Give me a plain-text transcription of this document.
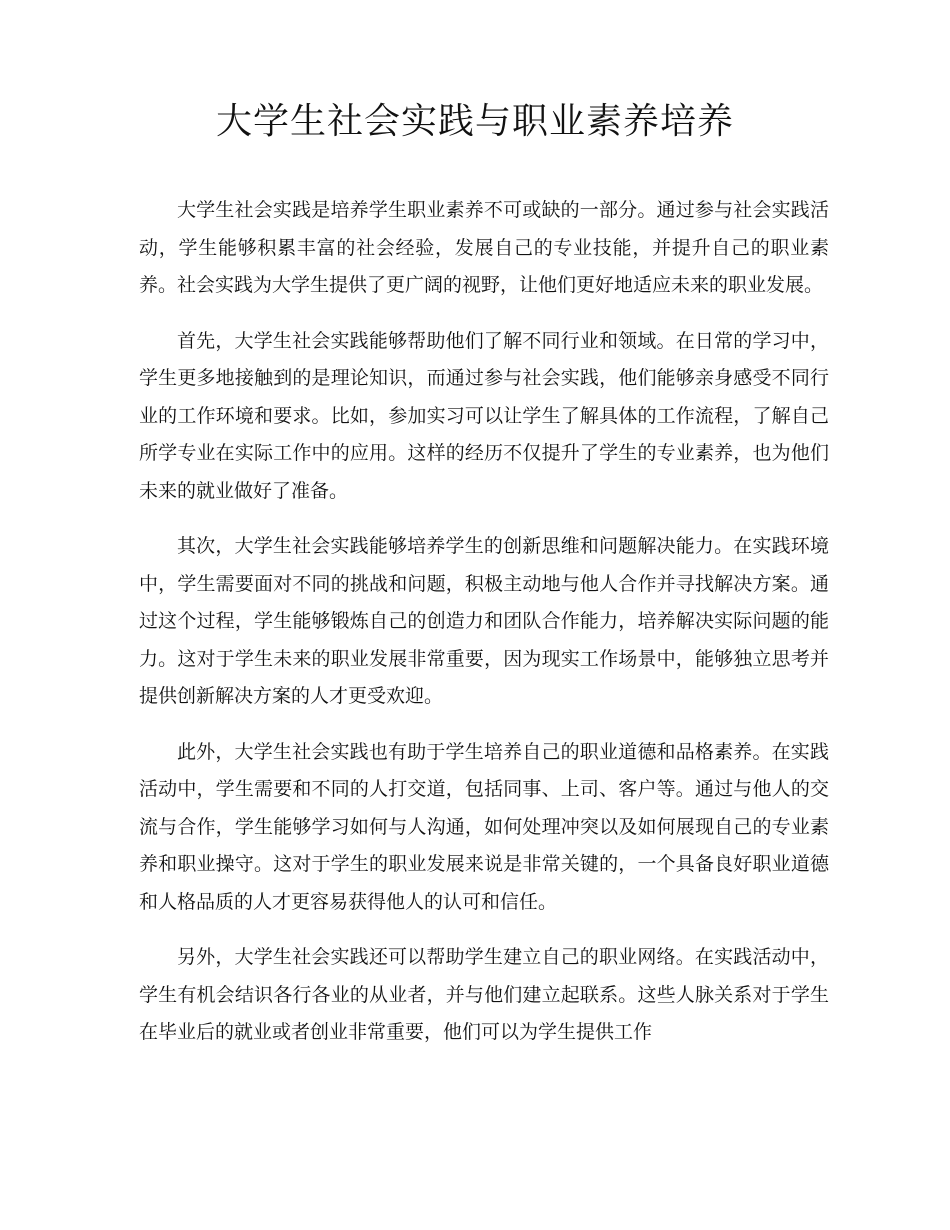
大学生社会实践与职业素养培养

大学生社会实践是培养学生职业素养不可或缺的一部分。通过参与社会实践活动，学生能够积累丰富的社会经验，发展自己的专业技能，并提升自己的职业素养。社会实践为大学生提供了更广阔的视野，让他们更好地适应未来的职业发展。

首先，大学生社会实践能够帮助他们了解不同行业和领域。在日常的学习中，学生更多地接触到的是理论知识，而通过参与社会实践，他们能够亲身感受不同行业的工作环境和要求。比如，参加实习可以让学生了解具体的工作流程，了解自己所学专业在实际工作中的应用。这样的经历不仅提升了学生的专业素养，也为他们未来的就业做好了准备。

其次，大学生社会实践能够培养学生的创新思维和问题解决能力。在实践环境中，学生需要面对不同的挑战和问题，积极主动地与他人合作并寻找解决方案。通过这个过程，学生能够锻炼自己的创造力和团队合作能力，培养解决实际问题的能力。这对于学生未来的职业发展非常重要，因为现实工作场景中，能够独立思考并提供创新解决方案的人才更受欢迎。

此外，大学生社会实践也有助于学生培养自己的职业道德和品格素养。在实践活动中，学生需要和不同的人打交道，包括同事、上司、客户等。通过与他人的交流与合作，学生能够学习如何与人沟通，如何处理冲突以及如何展现自己的专业素养和职业操守。这对于学生的职业发展来说是非常关键的，一个具备良好职业道德和人格品质的人才更容易获得他人的认可和信任。

另外，大学生社会实践还可以帮助学生建立自己的职业网络。在实践活动中，学生有机会结识各行各业的从业者，并与他们建立起联系。这些人脉关系对于学生在毕业后的就业或者创业非常重要，他们可以为学生提供工作
